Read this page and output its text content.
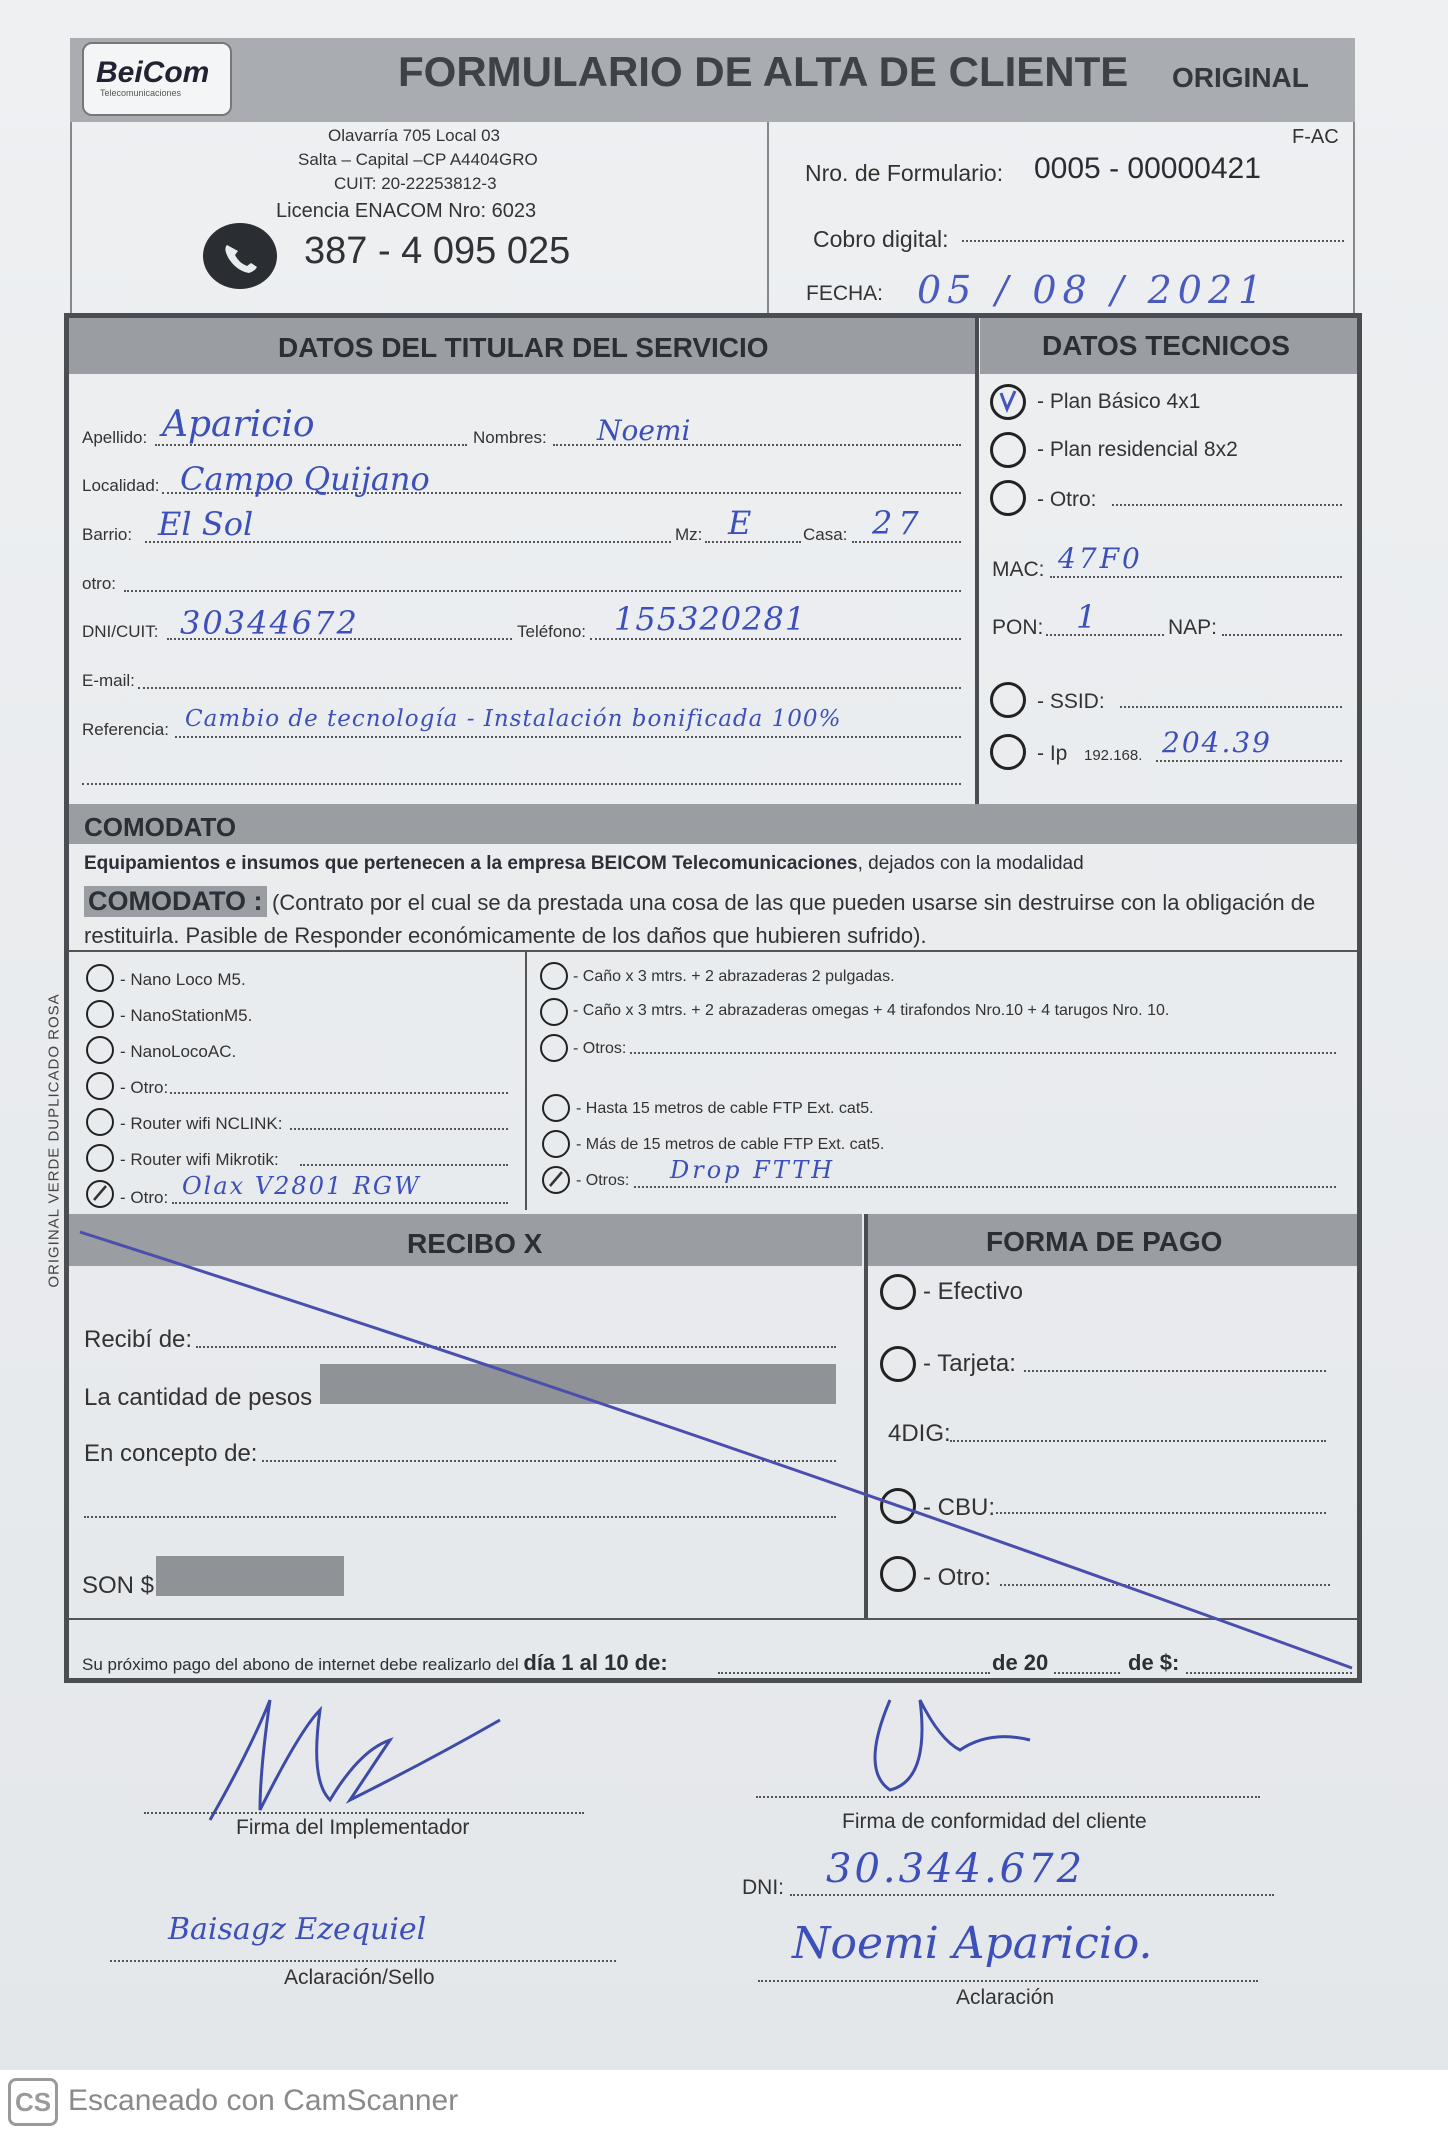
BeiCom
Telecomunicaciones	FORMULARIO DE ALTA DE CLIENTE ORIGINAL
Olavarría 705 Local 03
Salta – Capital –CP A4404GRO
CUIT: 20-22253812-3
Licencia ENACOM Nro: 6023
387 - 4 095 025
F-AC
Nro. de Formulario: 0005 - 00000421
Cobro digital:
FECHA: 05 / 08 / 2021
DATOS DEL TITULAR DEL SERVICIO	DATOS TECNICOS
Apellido: Aparicio	Nombres: Noemi
Localidad: Campo Quijano
Barrio: El Sol	Mz: E	Casa: 27
otro:
DNI/CUIT: 30344672	Teléfono: 155320281
E-mail:
Referencia: Cambio de tecnología - Instalación bonificada 100%
- Plan Básico 4x1
- Plan residencial 8x2
- Otro:
MAC: 47F0
PON: 1	NAP:
- SSID:
- Ip 192.168. 204.39
COMODATO
Equipamientos e insumos que pertenecen a la empresa BEICOM Telecomunicaciones, dejados con la modalidad
COMODATO : (Contrato por el cual se da prestada una cosa de las que pueden usarse sin destruirse con la obligación de restituirla. Pasible de Responder económicamente de los daños que hubieren sufrido).
- Nano Loco M5.
- NanoStationM5.
- NanoLocoAC.
- Otro:
- Router wifi NCLINK:
- Router wifi Mikrotik:
- Otro: Olax V2801 RGW
- Caño x 3 mtrs. + 2 abrazaderas 2 pulgadas.
- Caño x 3 mtrs. + 2 abrazaderas omegas + 4 tirafondos Nro.10 + 4 tarugos Nro. 10.
- Otros:
- Hasta 15 metros de cable FTP Ext. cat5.
- Más de 15 metros de cable FTP Ext. cat5.
- Otros: Drop FTTH
RECIBO X	FORMA DE PAGO
Recibí de:
La cantidad de pesos
En concepto de:
SON $
- Efectivo
- Tarjeta:
4DIG:
- CBU:
- Otro:
Su próximo pago del abono de internet debe realizarlo del día 1 al 10 de:	de 20	de $:
Firma del Implementador	Firma de conformidad del cliente
DNI: 30.344.672
Baisagz Ezequiel
Aclaración/Sello
Noemi Aparicio.
Aclaración
ORIGINAL VERDE DUPLICADO ROSA
CS Escaneado con CamScanner
